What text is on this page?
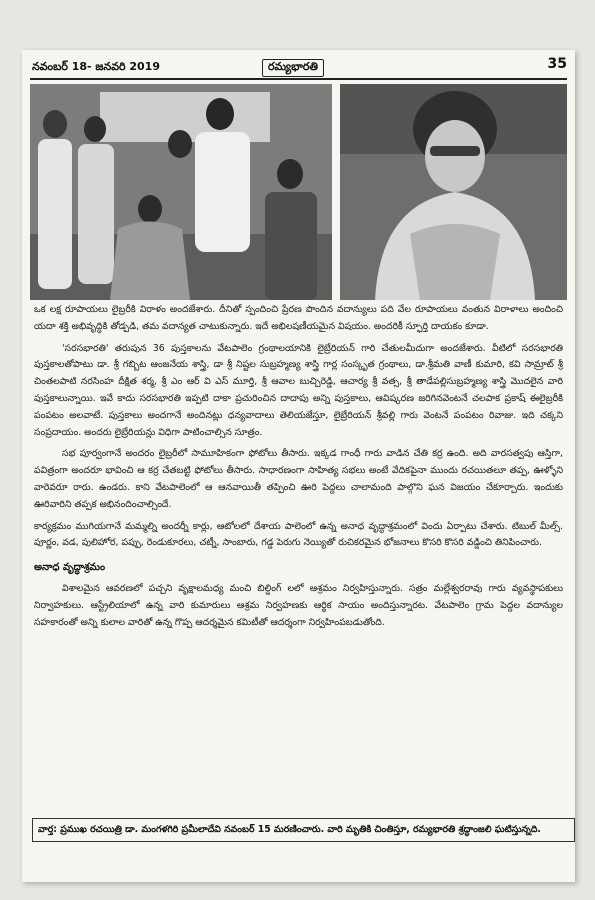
నవంబర్ 18- జనవరి 2019	రమ్యభారతి	35

ఒక లక్ష రూపాయలు లైబ్రరీకి విరాళం అందజేశారు. దీనితో స్పందించి ప్రేరణ పొందిన వదాన్యులు పది వేల రూపాయలు వంతున విరాళాలు అందించి యదా శక్తి అభివృద్ధికి తోడ్పడి, తమ వదాన్యత చాటుకున్నారు. ఇదే అభిలషణీయమైన విషయం. అందరికీ స్ఫూర్తి దాయకం కూడా.

'సరసభారతి' తరుపున 36 పుస్తకాలను వేటపాలెం గ్రంథాలయానికి లైబ్రేరియన్ గారి చేతులమీదుగా అందజేశారు. వీటిలో సరసభారతి పుస్తకాలతోపాటు డా. శ్రీ గబ్బిట ఆంజనేయ శాస్త్రి, డా శ్రీ నిష్టల సుబ్రహ్మణ్య శాస్త్రి గార్ల సంస్కృత గ్రంథాలు, డా.శ్రీమతి వాణీ కుమారి, కవి సామ్రాట్ శ్రీ చింతలపాటి నరసింహ దీక్షిత శర్మ, శ్రీ ఎం ఆర్ వి ఎస్ మూర్తి, శ్రీ ఆవాల బుచ్చిరెడ్డి, ఆచార్య శ్రీ వత్స, శ్రీ తాడేపల్లిసుబ్రహ్మణ్య శాస్త్రి మొదలైన వారి పుస్తకాలున్నాయి. ఇవే కాదు సరసభారతి ఇప్పటి దాకా ప్రచురించిన దాదాపు అన్ని పుస్తకాలు, ఆవిష్కరణ జరిగినవెంటనే చలపాక ప్రకాష్ ఈలైబ్రరీకి పంపటం అలవాటే. పుస్తకాలు అందగానే అందినట్లు ధన్యవాదాలు తెలియజేస్తూ, లైబ్రేరియన్ శ్రీవల్లి గారు వెంటనే పంపటం రివాజు. ఇది చక్కని సంప్రదాయం. అందరు లైబ్రేరియన్లు విధిగా పాటించాల్సిన సూత్రం.

సభ పూర్వంగానే అందరం లైబ్రరీలో సామూహికంగా ఫోటోలు తీసారు. ఇక్కడ గాంధీ గారు వాడిన చేతి కర్ర ఉంది. అది వారసత్వపు ఆస్తిగా, పవిత్రంగా అందరూ భావించి ఆ కర్ర చేతబట్టి ఫోటోలు తీసారు. సాధారణంగా సాహిత్య సభలు అంటే వేదికపైనా ముందు రచయితలూ తప్ప, ఊళ్ళోని వారెవరూ రారు. ఉండరు. కాని వేటపాలెంలో ఆ ఆనవాయితీ తప్పించి ఊరి పెద్దలు చాలామంది పాల్గొని ఘన విజయం చేకూర్చారు. ఇందుకు ఊరివారిని తప్పక అభినందించాల్సిందే.

కార్యక్రమం ముగియగానే మమ్మల్ని అందర్నీ కార్లు, ఆటోలలో దేశాయ పాలెంలో ఉన్న అనాధ వృద్ధాశ్రమంలో విందు ఏర్పాటు చేశారు. టిబుల్ మీల్స్. పూర్ణం, వడ, పులిహోర, పప్పు, రెండుకూరలు, చట్నీ, సాంబారు, గడ్డ పెరుగు నెయ్యితో రుచికరమైన భోజనాలు కొసరి కొసరి వడ్డించి తినిపించారు.

అనాధ వృద్ధాశ్రమం

విశాలమైన ఆవరణలో పచ్చని వృక్షాలమధ్య మంచి బిల్డింగ్ లలో ఆశ్రమం నిర్వహిస్తున్నారు. సత్రం మల్లేశ్వరరావు గారు వ్యవస్థాపకులు నిర్వాహకులు. ఆస్ట్రేలియాలో ఉన్న వారి కుమారులు ఆశ్రమ నిర్వహణకు ఆర్థిక సాయం అందిస్తున్నారట. వేటపాలెం గ్రామ పెద్దల వదాన్యుల సహకారంతో అన్ని కులాల వారితో ఉన్న గొప్ప ఆదర్శమైన కమిటీతో ఆదర్శంగా నిర్వహింపబడుతోంది.

వార్త: ప్రముఖ రచయిత్రి డా. మంగళగిరి ప్రమీలాదేవి నవంబర్ 15 మరణించారు. వారి మృతికి చింతిస్తూ, రమ్యభారతి శ్రద్ధాంజలి ఘటిస్తున్నది.
